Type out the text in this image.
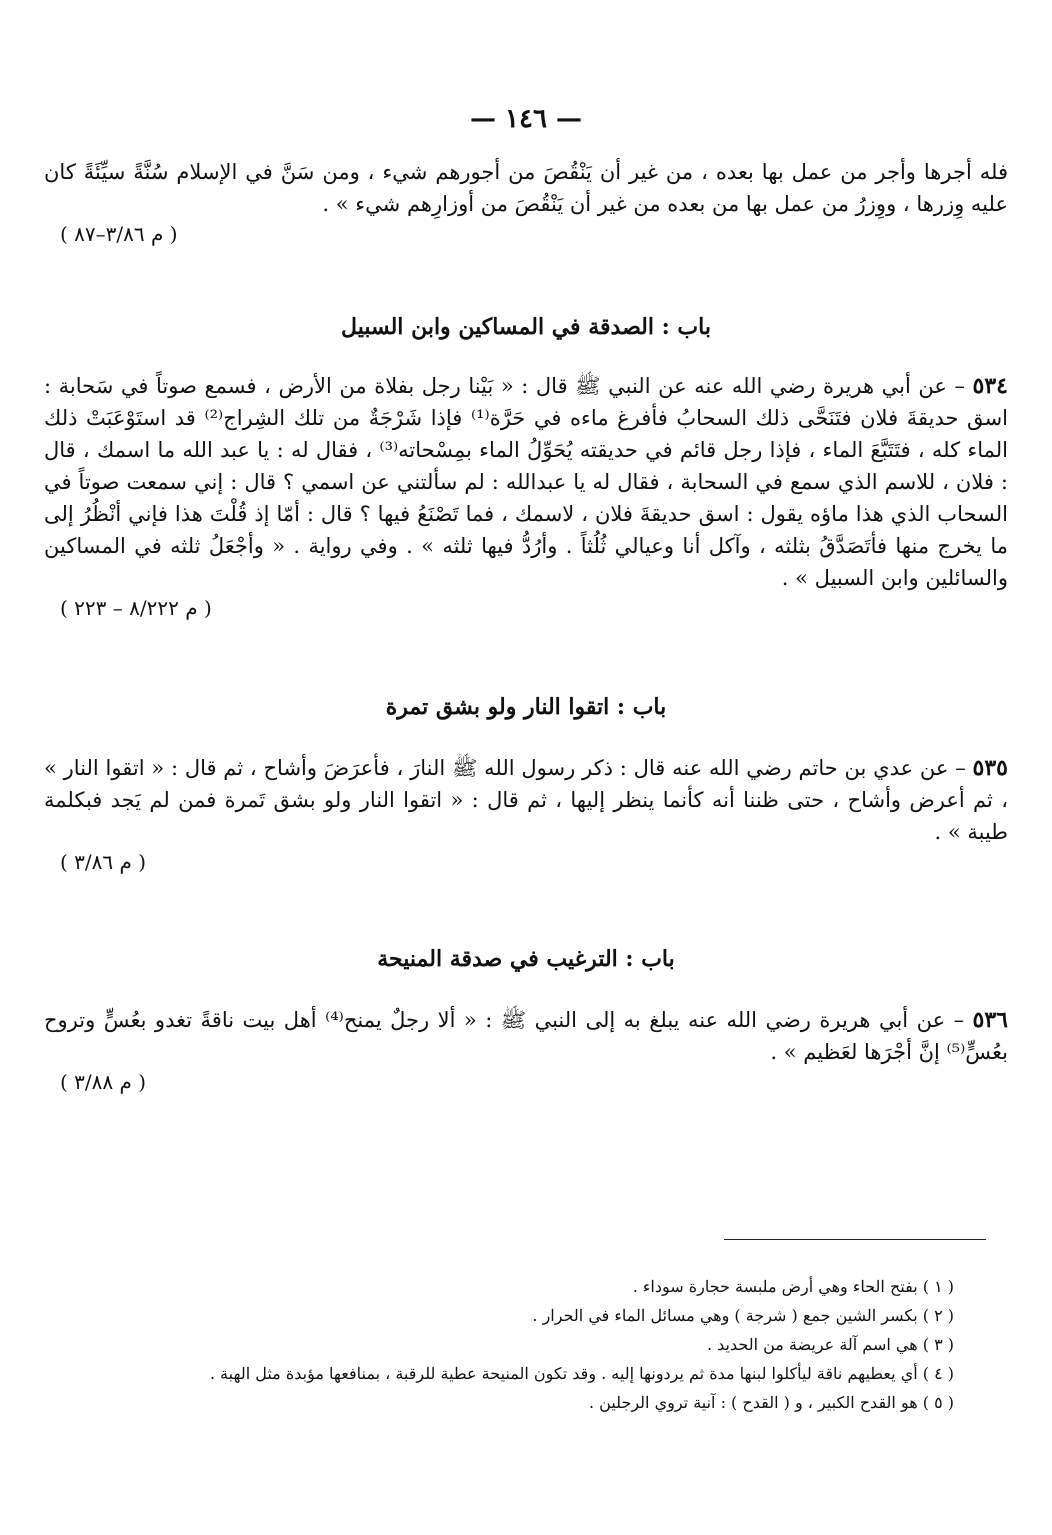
— ١٤٦ —

فله أجرها وأجر من عمل بها بعده ، من غير أن يَنْقُصَ من أجورهم شيء ، ومن سَنَّ في الإسلام سُنَّةً سيِّئَةً كان عليه وِزرها ، ووِزرُ من عمل بها من بعده من غير أن يَنْقُصَ من أوزارِهم شيء » .

( م ٣/٨٦–٨٧ )

باب : الصدقة في المساكين وابن السبيل

٥٣٤ – عن أبي هريرة رضي الله عنه عن النبي ﷺ قال : « بَيْنا رجل بفلاة من الأرض ، فسمع صوتاً في سَحابة : اسق حديقةَ فلان فتَنَحَّى ذلك السحابُ فأفرغ ماءه في حَرَّة⁽¹⁾ فإذا شَرْجَةٌ من تلك الشِراج⁽²⁾ قد استَوْعَبَتْ ذلك الماء كله ، فتَتَبَّعَ الماء ، فإذا رجل قائم في حديقته يُحَوِّلُ الماء بمِسْحاته⁽³⁾ ، فقال له : يا عبد الله ما اسمك ، قال : فلان ، للاسم الذي سمع في السحابة ، فقال له يا عبدالله : لم سألتني عن اسمي ؟ قال : إني سمعت صوتاً في السحاب الذي هذا ماؤه يقول : اسق حديقةَ فلان ، لاسمك ، فما تَصْنَعُ فيها ؟ قال : أمّا إذ قُلْتَ هذا فإني أنْظُرُ إلى ما يخرج منها فأتَصَدَّقُ بثلثه ، وآكل أنا وعيالي ثُلُثاً . وأرُدُّ فيها ثلثه » . وفي رواية . « وأجْعَلُ ثلثه في المساكين والسائلين وابن السبيل » .

( م ٨/٢٢٢ – ٢٢٣ )

باب : اتقوا النار ولو بشق تمرة

٥٣٥ – عن عدي بن حاتم رضي الله عنه قال : ذكر رسول الله ﷺ النارَ ، فأعرَضَ وأشاح ، ثم قال : « اتقوا النار » ، ثم أعرض وأشاح ، حتى ظننا أنه كأنما ينظر إليها ، ثم قال : « اتقوا النار ولو بشق تَمرة فمن لم يَجد فبكلمة طيبة » .

( م ٣/٨٦ )

باب : الترغيب في صدقة المنيحة

٥٣٦ – عن أبي هريرة رضي الله عنه يبلغ به إلى النبي ﷺ : « ألا رجلٌ يمنح⁽⁴⁾ أهل بيت ناقةً تغدو بعُسٍّ وتروح بعُسٍّ⁽⁵⁾ إنَّ أجْرَها لعَظيم » .

( م ٣/٨٨ )
( ١ ) بفتح الحاء وهي أرض ملبسة حجارة سوداء .
( ٢ ) بكسر الشين جمع ( شرجة ) وهي مسائل الماء في الحرار .
( ٣ ) هي اسم آلة عريضة من الحديد .
( ٤ ) أي يعطيهم ناقة ليأكلوا لبنها مدة ثم يردونها إليه . وقد تكون المنيحة عطية للرقبة ، بمنافعها مؤبدة مثل الهبة .
( ٥ ) هو القدح الكبير ، و ( القدح ) : آنية تروي الرجلين .
